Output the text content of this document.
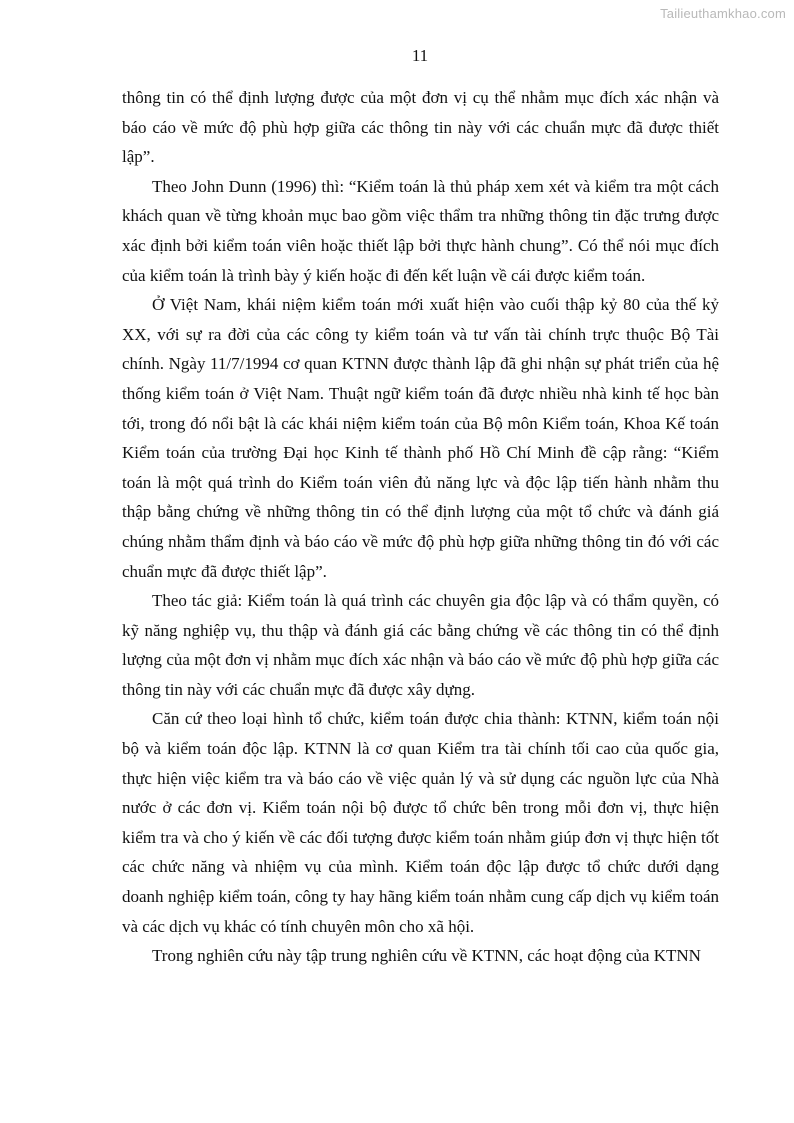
Tailieuthamkhao.com
11

thông tin có thể định lượng được của một đơn vị cụ thể nhằm mục đích xác nhận và báo cáo về mức độ phù hợp giữa các thông tin này với các chuẩn mực đã được thiết lập”.

Theo John Dunn (1996) thì: “Kiểm toán là thủ pháp xem xét và kiểm tra một cách khách quan về từng khoản mục bao gồm việc thẩm tra những thông tin đặc trưng được xác định bởi kiểm toán viên hoặc thiết lập bởi thực hành chung”. Có thể nói mục đích của kiểm toán là trình bày ý kiến hoặc đi đến kết luận về cái được kiểm toán.

Ở Việt Nam, khái niệm kiểm toán mới xuất hiện vào cuối thập kỷ 80 của thế kỷ XX, với sự ra đời của các công ty kiểm toán và tư vấn tài chính trực thuộc Bộ Tài chính. Ngày 11/7/1994 cơ quan KTNN được thành lập đã ghi nhận sự phát triển của hệ thống kiểm toán ở Việt Nam. Thuật ngữ kiểm toán đã được nhiều nhà kinh tế học bàn tới, trong đó nổi bật là các khái niệm kiểm toán của Bộ môn Kiểm toán, Khoa Kế toán Kiểm toán của trường Đại học Kinh tế thành phố Hồ Chí Minh đề cập rằng: “Kiểm toán là một quá trình do Kiểm toán viên đủ năng lực và độc lập tiến hành nhằm thu thập bằng chứng về những thông tin có thể định lượng của một tổ chức và đánh giá chúng nhằm thẩm định và báo cáo về mức độ phù hợp giữa những thông tin đó với các chuẩn mực đã được thiết lập”.

Theo tác giả: Kiểm toán là quá trình các chuyên gia độc lập và có thẩm quyền, có kỹ năng nghiệp vụ, thu thập và đánh giá các bằng chứng về các thông tin có thể định lượng của một đơn vị nhằm mục đích xác nhận và báo cáo về mức độ phù hợp giữa các thông tin này với các chuẩn mực đã được xây dựng.

Căn cứ theo loại hình tổ chức, kiểm toán được chia thành: KTNN, kiểm toán nội bộ và kiểm toán độc lập. KTNN là cơ quan Kiểm tra tài chính tối cao của quốc gia, thực hiện việc kiểm tra và báo cáo về việc quản lý và sử dụng các nguồn lực của Nhà nước ở các đơn vị. Kiểm toán nội bộ được tổ chức bên trong mỗi đơn vị, thực hiện kiểm tra và cho ý kiến về các đối tượng được kiểm toán nhằm giúp đơn vị thực hiện tốt các chức năng và nhiệm vụ của mình. Kiểm toán độc lập được tổ chức dưới dạng doanh nghiệp kiểm toán, công ty hay hãng kiểm toán nhằm cung cấp dịch vụ kiểm toán và các dịch vụ khác có tính chuyên môn cho xã hội.

Trong nghiên cứu này tập trung nghiên cứu về KTNN, các hoạt động của KTNN
